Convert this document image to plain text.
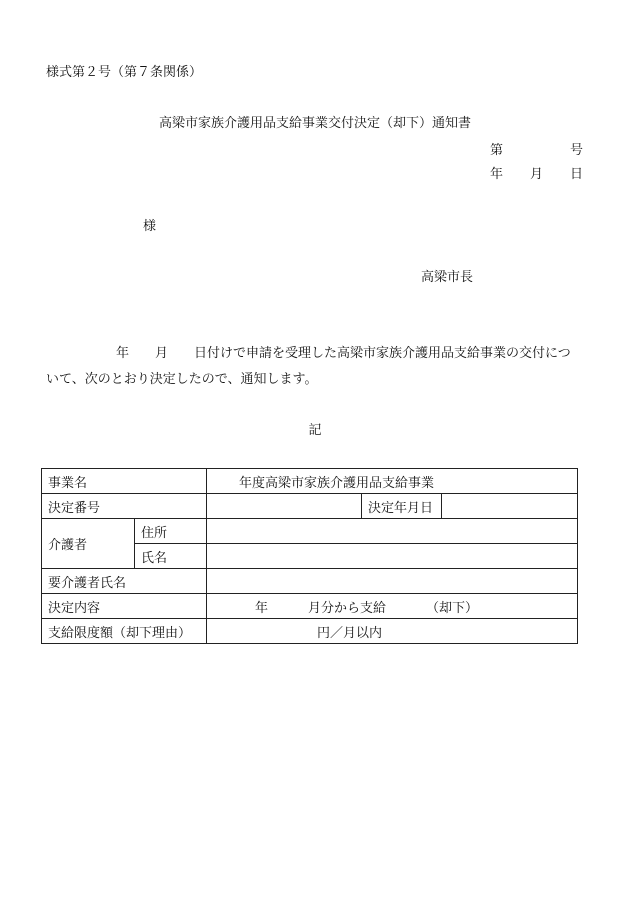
様式第２号（第７条関係）
高梁市家族介護用品支給事業交付決定（却下）通知書
第	号
年 月 日
様
高梁市長
年 月 日付けで申請を受理した高梁市家族介護用品支給事業の交付につ
いて、次のとおり決定したので、通知します。
記
事業名		年度高梁市家族介護用品支給事業		
決定番号			決定年月日	
介護者	住所			
	氏名			
要介護者氏名				
決定内容		年 月分から支給 （却下）		
支給限度額（却下理由）		円／月以内		
